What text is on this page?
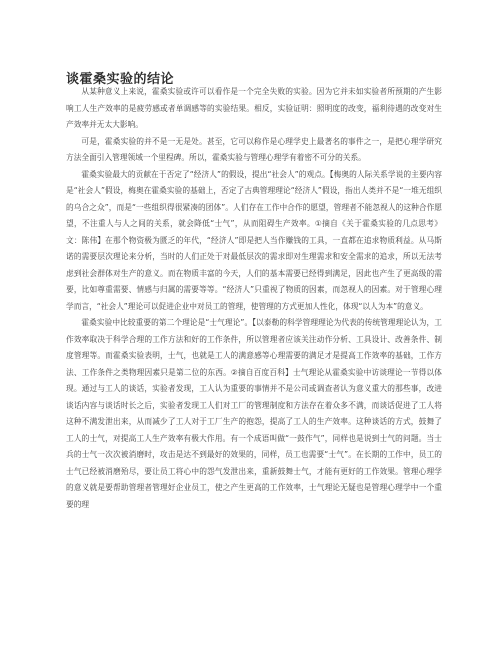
谈霍桑实验的结论

从某种意义上来说，霍桑实验或许可以看作是一个完全失败的实验。因为它并未如实验者所预期的产生影响工人生产效率的是疲劳感或者单调感等的实验结果。相反，实验证明：照明度的改变，福利待遇的改变对生产效率并无太大影响。

可是，霍桑实验的并不是一无是处。甚至，它可以称作是心理学史上最著名的事件之一，是把心理学研究方法全面引入管理领域一个里程碑。所以，霍桑实验与管理心理学有着密不可分的关系。

霍桑实验最大的贡献在于否定了“经济人”的假设，提出“社会人”的观点。【梅奥的人际关系学说的主要内容是“社会人”假设，梅奥在霍桑实验的基础上，否定了古典管理理论“经济人”假设，指出人类并不是“一堆无组织的乌合之众”，而是“一些组织得很紧凑的团体”。人们存在工作中合作的愿望，管理者不能忽视人的这种合作愿望，不注重人与人之间的关系，就会降低“士气”，从而阻碍生产效率。①摘自《关于霍桑实验的几点思考》文：陈伟】在那个物资极为匮乏的年代，“经济人”即是把人当作赚钱的工具，一直都在追求物质利益。从马斯诺的需要层次理论来分析，当时的人们正处于对最低层次的需求即对生理需求和安全需求的追求，所以无法考虑到社会群体对生产的意义。而在物质丰富的今天，人们的基本需要已经得到满足，因此也产生了更高级的需要，比如尊重需要、情感与归属的需要等等。“经济人”只重视了物质的因素，而忽视人的因素。对于管理心理学而言，“社会人”理论可以促进企业中对员工的管理，使管理的方式更加人性化，体现“以人为本”的意义。

霍桑实验中比较重要的第二个理论是“士气理论”。【以泰勒的科学管理理论为代表的传统管理理论认为，工作效率取决于科学合理的工作方法和好的工作条件，所以管理者应该关注动作分析、工具设计、改善条件、制度管理等。而霍桑实验表明，士气，也就是工人的满意感等心理需要的满足才是提高工作效率的基础，工作方法、工作条件之类物理因素只是第二位的东西。②摘自百度百科】士气理论从霍桑实验中访谈理论一节得以体现。通过与工人的谈话，实验者发现，工人认为重要的事情并不是公司或调查者认为意义重大的那些事，改进谈话内容与谈话时长之后，实验者发现工人们对工厂的管理制度和方法存在着众多不满，而谈话促进了工人将这种不满发泄出来，从而减少了工人对于工厂生产的抱怨，提高了工人的生产效率。这种谈话的方式，鼓舞了工人的士气，对提高工人生产效率有极大作用。有一个成语叫做“一鼓作气”，同样也是说到士气的问题。当士兵的士气一次次被消磨时，攻击是达不到最好的效果的，同样，员工也需要“士气”。在长期的工作中，员工的士气已经被消磨殆尽，要让员工将心中的怨气发泄出来，重新鼓舞士气，才能有更好的工作效果。管理心理学的意义就是要帮助管理者管理好企业员工，使之产生更高的工作效率，士气理论无疑也是管理心理学中一个重要的理
